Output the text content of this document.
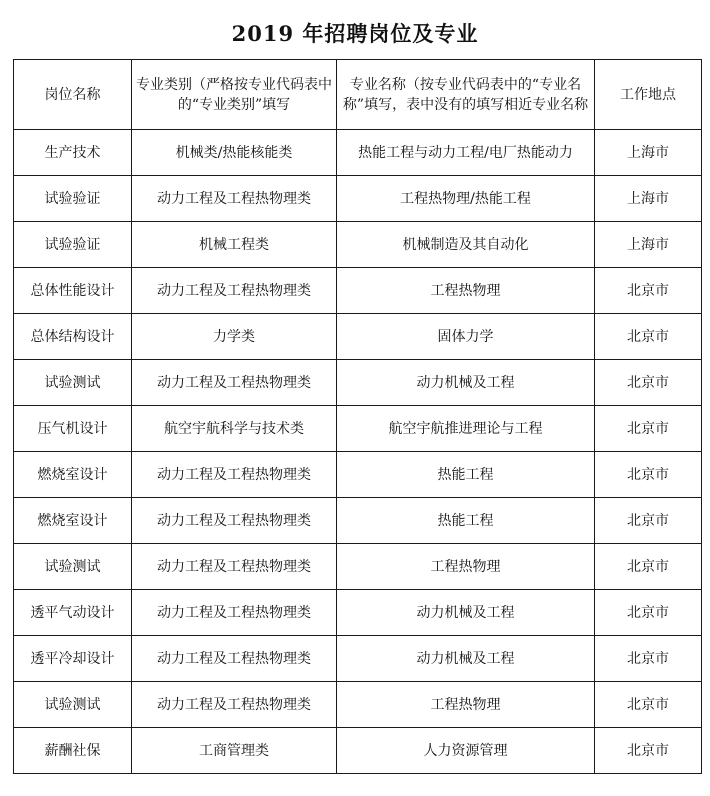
2019 年招聘岗位及专业
岗位名称	专业类别（严格按专业代码表中的“专业类别”填写	专业名称（按专业代码表中的“专业名称”填写，表中没有的填写相近专业名称	工作地点
生产技术	机械类/热能核能类	热能工程与动力工程/电厂热能动力	上海市
试验验证	动力工程及工程热物理类	工程热物理/热能工程	上海市
试验验证	机械工程类	机械制造及其自动化	上海市
总体性能设计	动力工程及工程热物理类	工程热物理	北京市
总体结构设计	力学类	固体力学	北京市
试验测试	动力工程及工程热物理类	动力机械及工程	北京市
压气机设计	航空宇航科学与技术类	航空宇航推进理论与工程	北京市
燃烧室设计	动力工程及工程热物理类	热能工程	北京市
燃烧室设计	动力工程及工程热物理类	热能工程	北京市
试验测试	动力工程及工程热物理类	工程热物理	北京市
透平气动设计	动力工程及工程热物理类	动力机械及工程	北京市
透平冷却设计	动力工程及工程热物理类	动力机械及工程	北京市
试验测试	动力工程及工程热物理类	工程热物理	北京市
薪酬社保	工商管理类	人力资源管理	北京市
